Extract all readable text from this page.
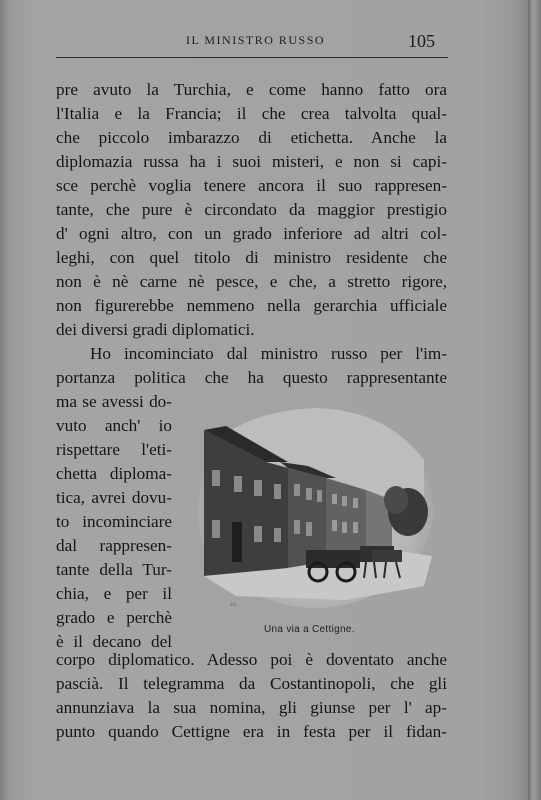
IL MINISTRO RUSSO	105
pre avuto la Turchia, e come hanno fatto ora
l'Italia e la Francia; il che crea talvolta qual-
che piccolo imbarazzo di etichetta. Anche la
diplomazia russa ha i suoi misteri, e non si capi-
sce perchè voglia tenere ancora il suo rappresen-
tante, che pure è circondato da maggior prestigio
d' ogni altro, con un grado inferiore ad altri col-
leghi, con quel titolo di ministro residente che
non è nè carne nè pesce, e che, a stretto rigore,
non figurerebbe nemmeno nella gerarchia ufficiale
dei diversi gradi diplomatici.
Ho incominciato dal ministro russo per l'im-
portanza politica che ha questo rappresentante
ma se avessi do-
vuto anch' io
rispettare l'eti-
chetta diploma-
tica, avrei dovu-
to incominciare
dal rappresen-
tante della Tur-
chia, e per il
grado e perchè
è il decano del
v.r.
Una via a Cettigne.
corpo diplomatico. Adesso poi è doventato anche
pascià. Il telegramma da Costantinopoli, che gli
annunziava la sua nomina, gli giunse per l' ap-
punto quando Cettigne era in festa per il fidan-
